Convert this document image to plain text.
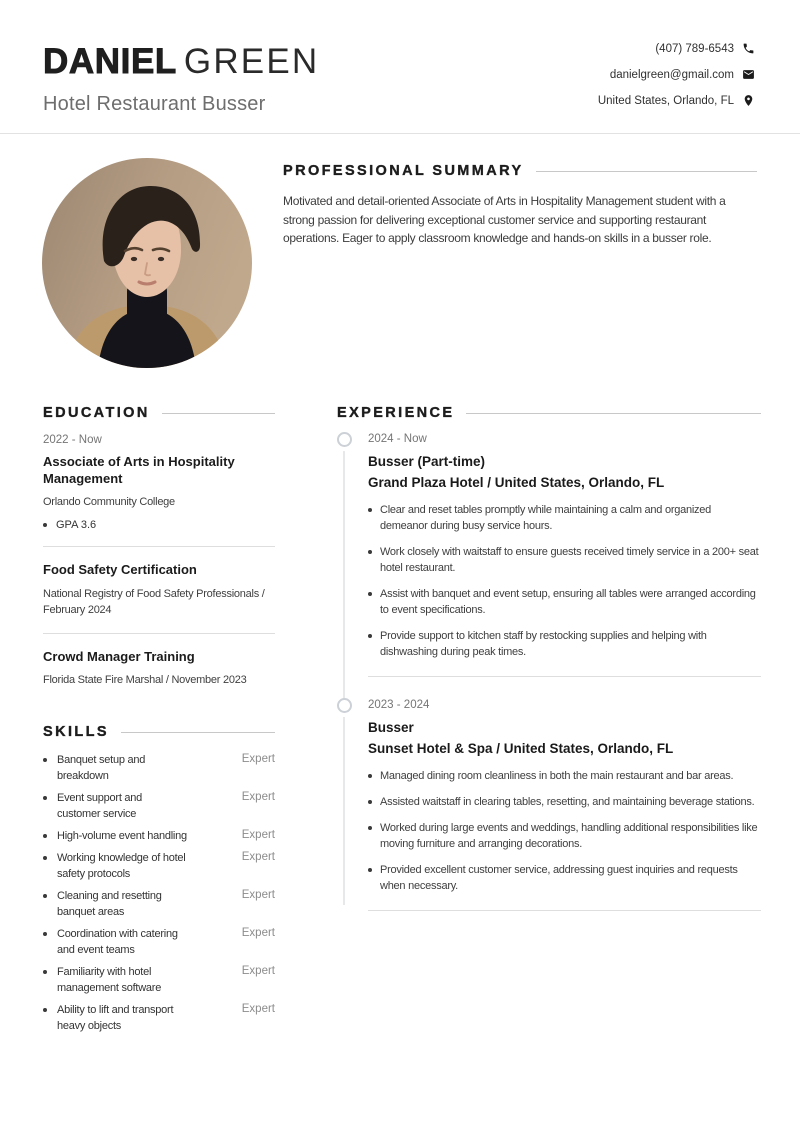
DANIEL GREEN
Hotel Restaurant Busser
(407) 789-6543
danielgreen@gmail.com
United States, Orlando, FL
PROFESSIONAL SUMMARY

Motivated and detail-oriented Associate of Arts in Hospitality Management student with a strong passion for delivering exceptional customer service and supporting restaurant operations. Eager to apply classroom knowledge and hands-on skills in a busser role.

EDUCATION
2022 - Now
Associate of Arts in Hospitality Management
Orlando Community College
GPA 3.6
Food Safety Certification
National Registry of Food Safety Professionals / February 2024
Crowd Manager Training
Florida State Fire Marshal / November 2023
SKILLS
Banquet setup and breakdown
Expert
Event support and customer service
Expert
High-volume event handling	Expert
Working knowledge of hotel safety protocols
Expert
Cleaning and resetting banquet areas
Expert
Coordination with catering and event teams
Expert
Familiarity with hotel management software
Expert
Ability to lift and transport heavy objects
Expert
EXPERIENCE
2024 - Now
Busser (Part-time)
Grand Plaza Hotel / United States, Orlando, FL

Clear and reset tables promptly while maintaining a calm and organized demeanor during busy service hours.

Work closely with waitstaff to ensure guests received timely service in a 200+ seat hotel restaurant.

Assist with banquet and event setup, ensuring all tables were arranged according to event specifications.

Provide support to kitchen staff by restocking supplies and helping with dishwashing during peak times.

2023 - 2024
Busser
Sunset Hotel & Spa / United States, Orlando, FL

Managed dining room cleanliness in both the main restaurant and bar areas.

Assisted waitstaff in clearing tables, resetting, and maintaining beverage stations.

Worked during large events and weddings, handling additional responsibilities like moving furniture and arranging decorations.

Provided excellent customer service, addressing guest inquiries and requests when necessary.
